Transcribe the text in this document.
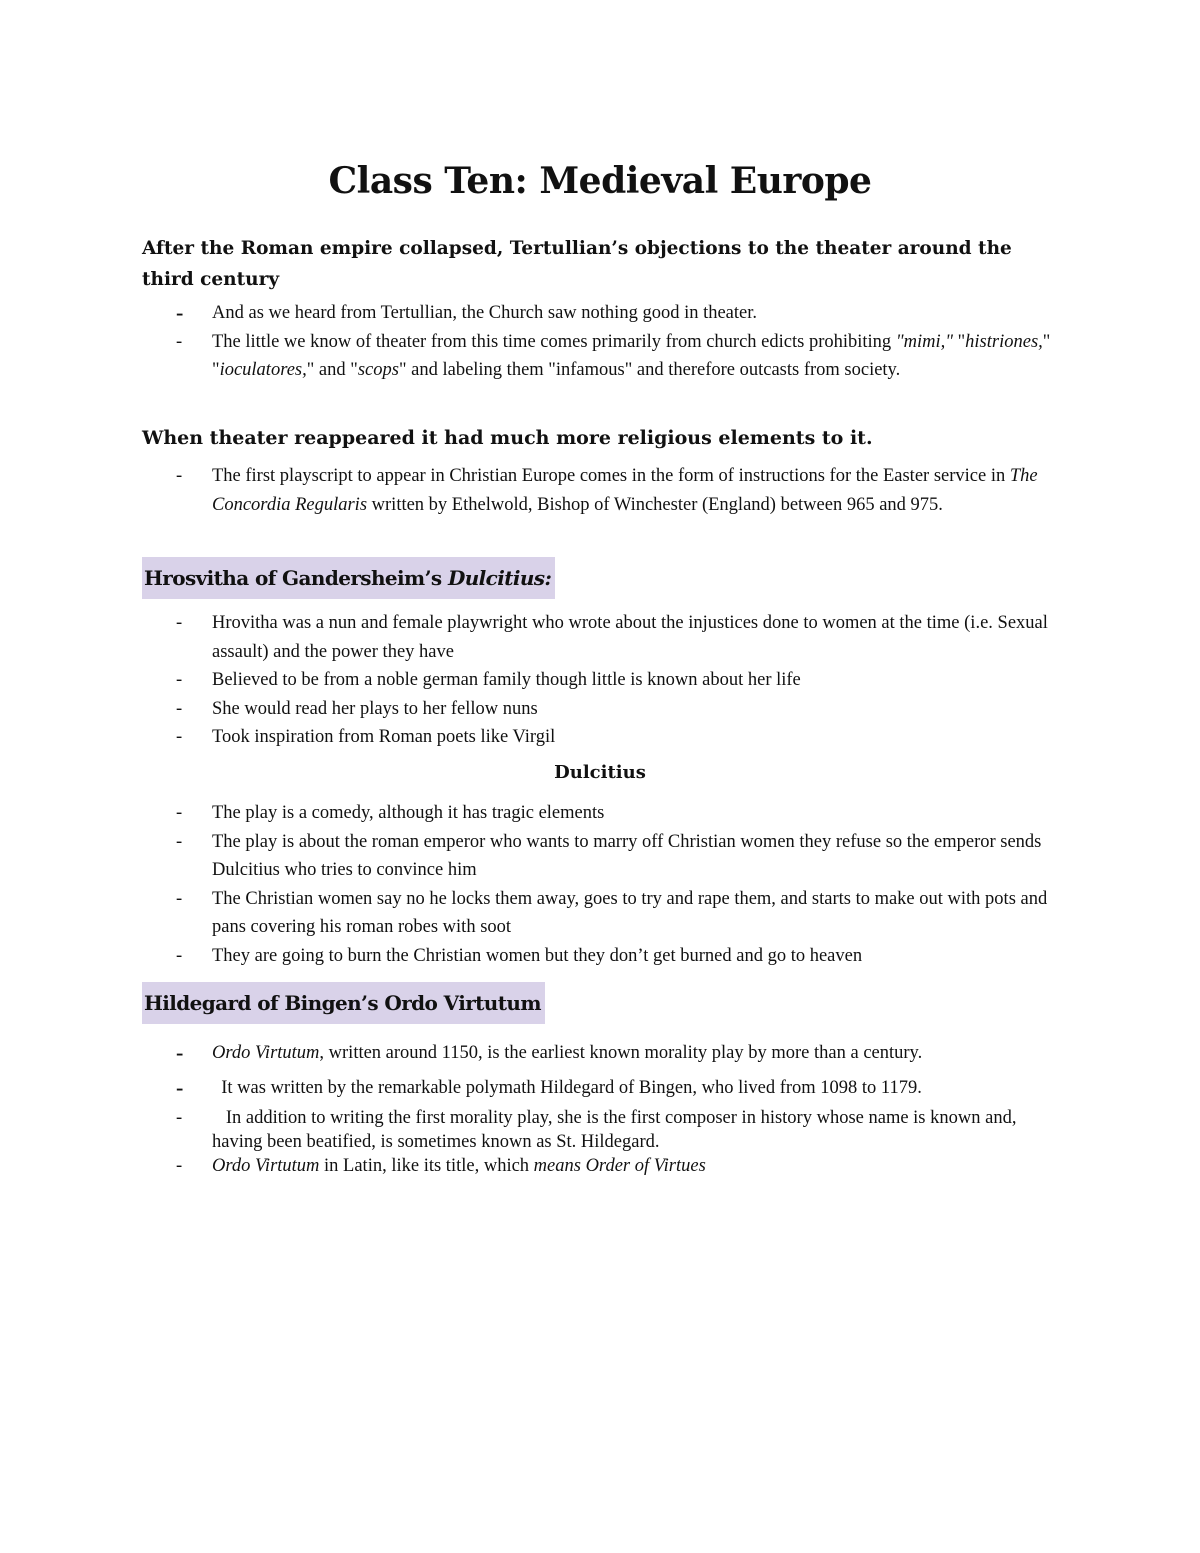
Class Ten: Medieval Europe

After the Roman empire collapsed, Tertullian’s objections to the theater around the third century

- And as we heard from Tertullian, the Church saw nothing good in theater.
- The little we know of theater from this time comes primarily from church edicts prohibiting "mimi," "histriones," "ioculatores," and "scops" and labeling them "infamous" and therefore outcasts from society.

When theater reappeared it had much more religious elements to it.

- The first playscript to appear in Christian Europe comes in the form of instructions for the Easter service in The Concordia Regularis written by Ethelwold, Bishop of Winchester (England) between 965 and 975.

Hrosvitha of Gandersheim’s Dulcitius:

- Hrovitha was a nun and female playwright who wrote about the injustices done to women at the time (i.e. Sexual assault) and the power they have
- Believed to be from a noble german family though little is known about her life
- She would read her plays to her fellow nuns
- Took inspiration from Roman poets like Virgil

Dulcitius

- The play is a comedy, although it has tragic elements
- The play is about the roman emperor who wants to marry off Christian women they refuse so the emperor sends Dulcitius who tries to convince him
- The Christian women say no he locks them away, goes to try and rape them, and starts to make out with pots and pans covering his roman robes with soot
- They are going to burn the Christian women but they don’t get burned and go to heaven

Hildegard of Bingen’s Ordo Virtutum

- Ordo Virtutum, written around 1150, is the earliest known morality play by more than a century.
- It was written by the remarkable polymath Hildegard of Bingen, who lived from 1098 to 1179.
- In addition to writing the first morality play, she is the first composer in history whose name is known and, having been beatified, is sometimes known as St. Hildegard.
- Ordo Virtutum in Latin, like its title, which means Order of Virtues
